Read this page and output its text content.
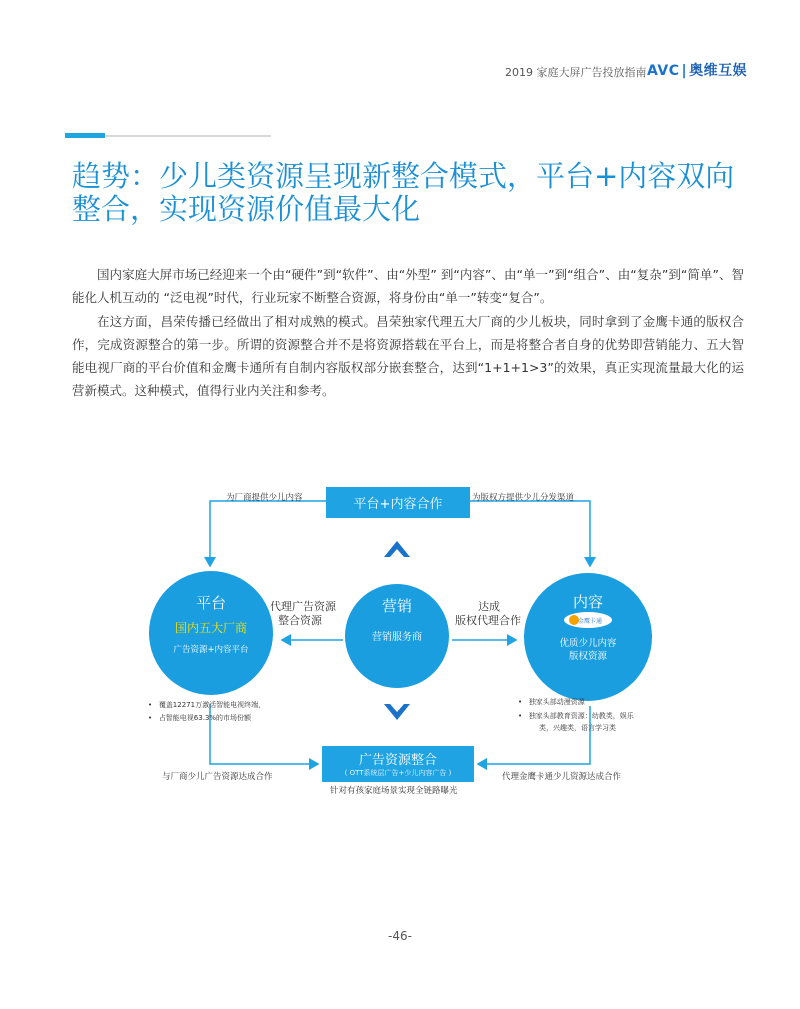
2019 家庭大屏广告投放指南 AVC | 奥维互娱
趋势：少儿类资源呈现新整合模式，平台+内容双向整合，实现资源价值最大化

国内家庭大屏市场已经迎来一个由“硬件”到“软件”、由“外型” 到“内容”、由“单一”到“组合”、由“复杂”到“简单”、智能化人机互动的 “泛电视”时代，行业玩家不断整合资源，将身份由“单一”转变“复合”。

在这方面，昌荣传播已经做出了相对成熟的模式。昌荣独家代理五大厂商的少儿板块，同时拿到了金鹰卡通的版权合作，完成资源整合的第一步。所谓的资源整合并不是将资源搭载在平台上，而是将整合者自身的优势即营销能力、五大智能电视厂商的平台价值和金鹰卡通所有自制内容版权部分嵌套整合，达到“1+1+1>3”的效果，真正实现流量最大化的运营新模式。这种模式，值得行业内关注和参考。

平台+内容合作
为厂商提供少儿内容	为版权方提供少儿分发渠道
广告资源整合
( OTT系统层广告+少儿内容广告 )
针对有孩家庭场景实现全链路曝光
与厂商少儿广告资源达成合作	代理金鹰卡通少儿资源达成合作
平台
国内五大厂商
广告资源+内容平台
营销
营销服务商
内容
金鹰卡通
优质少儿内容
版权资源
代理广告资源
整合资源
达成
版权代理合作
•   覆盖12271万激活智能电视终端，
•   占智能电视63.3%的市场份额
•   独家头部动漫资源
•   独家头部教育资源：幼教类，娱乐
类，兴趣类，语言学习类
-46-
